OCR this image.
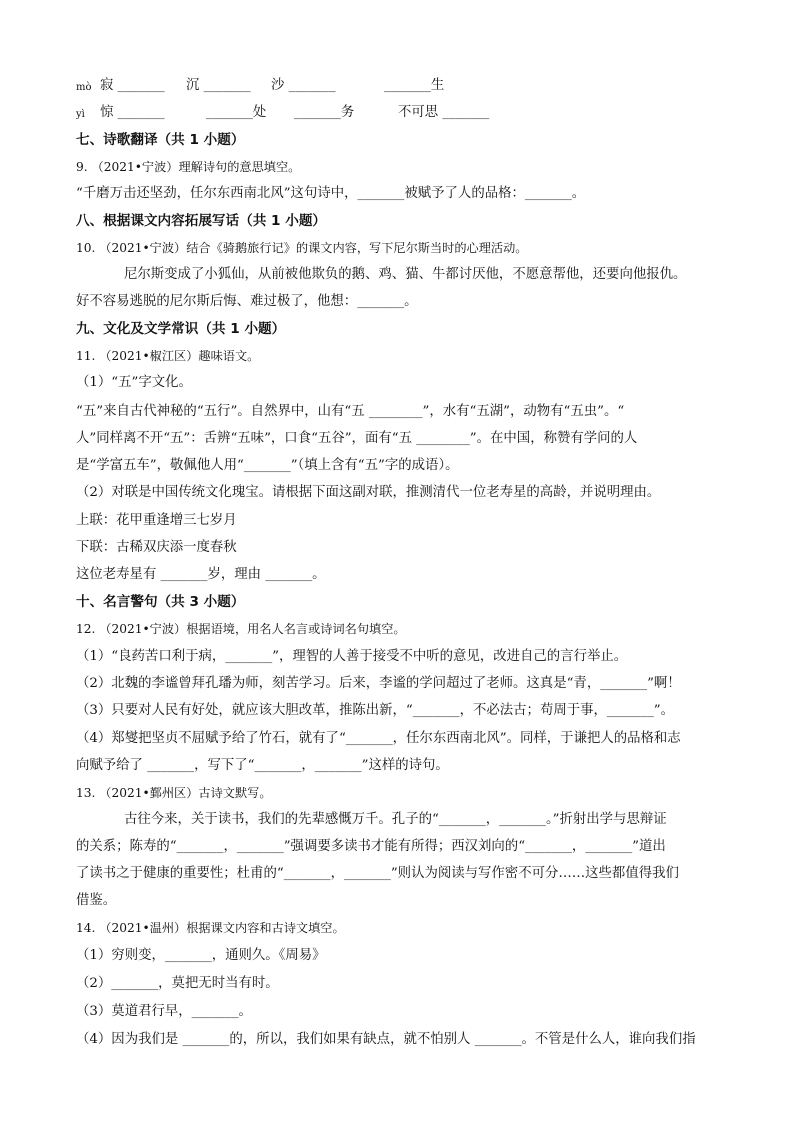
mò 寂 _______ 沉 _______ 沙 _______	_______生
yì 惊 _______	_______处 _______务	不可思 _______
七、诗歌翻译（共 1 小题）
9. （2021•宁波）理解诗句的意思填空。
“千磨万击还坚劲，任尔东西南北风”这句诗中，_______被赋予了人的品格：_______。
八、根据课文内容拓展写话（共 1 小题）
10. （2021•宁波）结合《骑鹅旅行记》的课文内容，写下尼尔斯当时的心理活动。
尼尔斯变成了小狐仙，从前被他欺负的鹅、鸡、猫、牛都讨厌他，不愿意帮他，还要向他报仇。
好不容易逃脱的尼尔斯后悔、难过极了，他想：_______。
九、文化及文学常识（共 1 小题）
11. （2021•椒江区）趣味语文。
（1）“五”字文化。
“五”来自古代神秘的“五行”。自然界中，山有“五 ________”，水有“五湖”，动物有“五虫”。“
人”同样离不开“五”：舌辨“五味”，口食“五谷”，面有“五 ________”。在中国，称赞有学问的人
是“学富五车”，敬佩他人用“_______”（填上含有“五”字的成语）。
（2）对联是中国传统文化瑰宝。请根据下面这副对联，推测清代一位老寿星的高龄，并说明理由。
上联：花甲重逢增三七岁月
下联：古稀双庆添一度春秋
这位老寿星有 _______岁，理由 _______。
十、名言警句（共 3 小题）
12. （2021•宁波）根据语境，用名人名言或诗词名句填空。
（1）“良药苦口利于病，_______”，理智的人善于接受不中听的意见，改进自己的言行举止。
（2）北魏的李谧曾拜孔璠为师，刻苦学习。后来，李谧的学问超过了老师。这真是“青，_______”啊！
（3）只要对人民有好处，就应该大胆改革，推陈出新，“_______，不必法古；苟周于事，_______”。
（4）郑燮把坚贞不屈赋予给了竹石，就有了“_______，任尔东西南北风”。同样，于谦把人的品格和志
向赋予给了 _______，写下了“_______，_______”这样的诗句。
13. （2021•鄞州区）古诗文默写。
古往今来，关于读书，我们的先辈感慨万千。孔子的“_______，_______。”折射出学与思辩证
的关系；陈寿的“_______，_______”强调要多读书才能有所得；西汉刘向的“_______，_______”道出
了读书之于健康的重要性；杜甫的“_______，_______”则认为阅读与写作密不可分……这些都值得我们
借鉴。
14. （2021•温州）根据课文内容和古诗文填空。
（1）穷则变，_______，通则久。《周易》
（2）_______，莫把无时当有时。
（3）莫道君行早，_______。
（4）因为我们是 _______的，所以，我们如果有缺点，就不怕别人 _______。不管是什么人，谁向我们指
